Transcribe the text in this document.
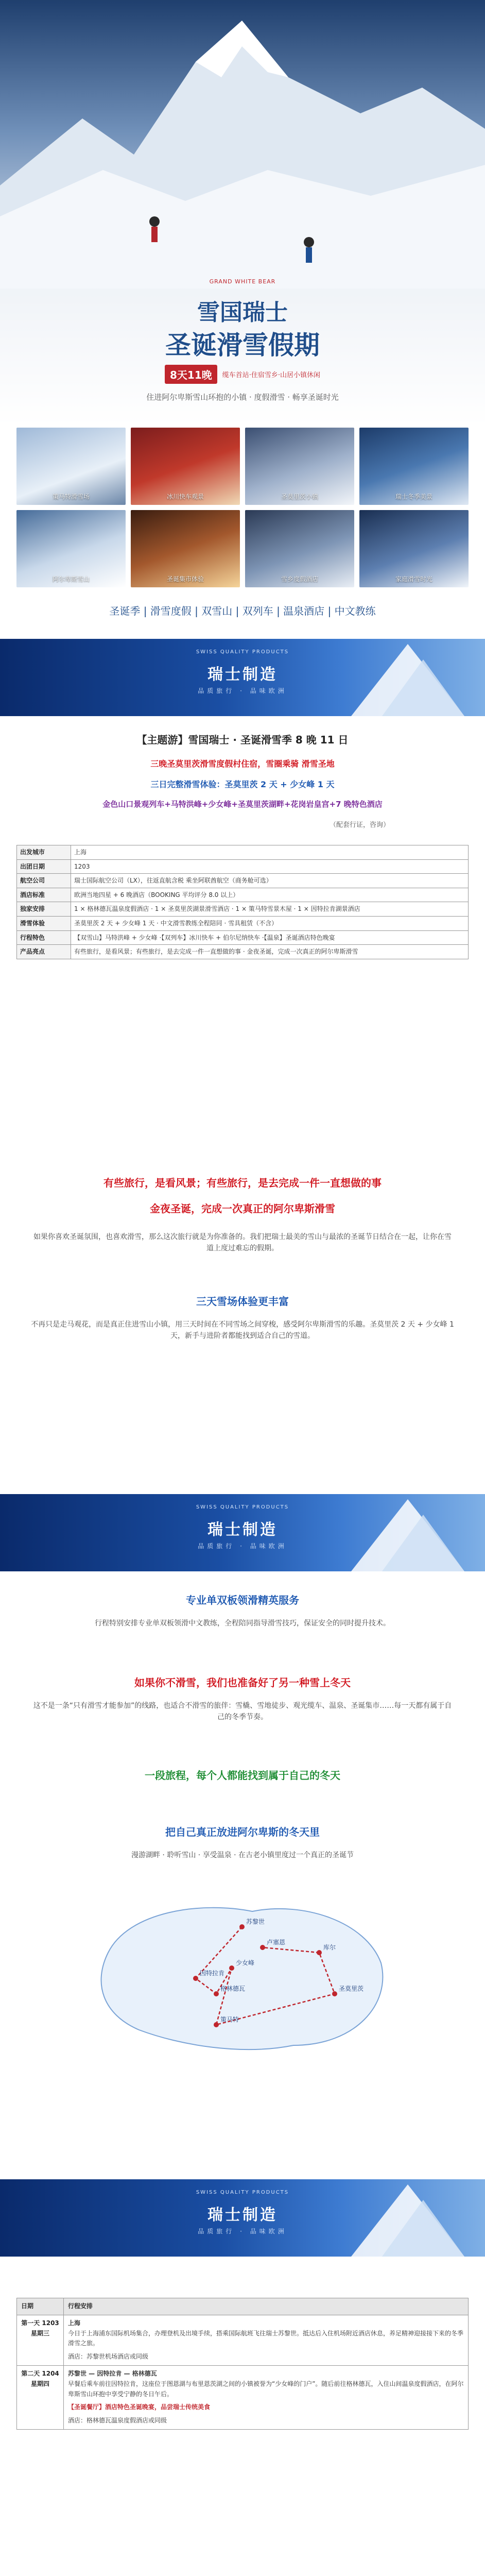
GRAND WHITE BEAR
雪国瑞士
圣诞滑雪假期
8天11晚	缆车首站·住宿雪乡·山居小镇休闲
住进阿尔卑斯雪山环抱的小镇 · 度假滑雪 · 畅享圣诞时光
策马特滑雪场	冰川快车观景	圣莫里茨小镇	瑞士冬季美景
阿尔卑斯雪山	圣诞集市体验	雪乡度假酒店	家庭滑雪时光
圣诞季 | 滑雪度假 | 双雪山 | 双列车 | 温泉酒店 | 中文教练
SWISS QUALITY PRODUCTS
瑞士制造
品质旅行 · 品味欧洲
【主题游】雪国瑞士 · 圣诞滑雪季 8 晚 11 日
三晚圣莫里茨滑雪度假村住宿，雪圈乘骑 滑雪圣地
三日完整滑雪体验：圣莫里茨 2 天 + 少女峰 1 天
金色山口景观列车+马特洪峰+少女峰+圣莫里茨湖畔+花岗岩皇宫+7 晚特色酒店
（配套行证，咨询）
出发城市	上海
出团日期	1203
航空公司	瑞士国际航空公司（LX），往返直航含税 乘坐阿联酋航空（商务舱可选）
酒店标准	欧洲当地四星 + 6 晚酒店（BOOKING 平均评分 8.0 以上）
独家安排	1 × 格林德瓦温泉度假酒店 · 1 × 圣莫里茨湖景滑雪酒店 · 1 × 策马特雪景木屋 · 1 × 因特拉肯湖景酒店
滑雪体验	圣莫里茨 2 天 + 少女峰 1 天 · 中文滑雪教练全程陪同 · 雪具租赁（不含）
行程特色	【双雪山】马特洪峰 + 少女峰 ·【双列车】冰川快车 + 伯尔尼纳快车 ·【温泉】圣诞酒店特色晚宴
产品亮点	有些旅行，是看风景；有些旅行，是去完成一件一直想做的事 · 金夜圣诞，完成一次真正的阿尔卑斯滑雪
有些旅行，是看风景；有些旅行，是去完成一件一直想做的事
金夜圣诞，完成一次真正的阿尔卑斯滑雪
如果你喜欢圣诞氛围，也喜欢滑雪，那么这次旅行就是为你准备的。我们把瑞士最美的雪山与最浓的圣诞节日结合在一起，让你在雪道上度过难忘的假期。
三天雪场体验更丰富
不再只是走马观花，而是真正住进雪山小镇，用三天时间在不同雪场之间穿梭，感受阿尔卑斯滑雪的乐趣。圣莫里茨 2 天 + 少女峰 1 天，新手与进阶者都能找到适合自己的雪道。
SWISS QUALITY PRODUCTS
瑞士制造
品质旅行 · 品味欧洲
专业单双板领滑精英服务
行程特别安排专业单双板领滑中文教练，全程陪同指导滑雪技巧，保证安全的同时提升技术。
如果你不滑雪，我们也准备好了另一种雪上冬天
这不是一条“只有滑雪才能参加”的线路，也适合不滑雪的旅伴：雪橇、雪地徒步、观光缆车、温泉、圣诞集市……每一天都有属于自己的冬季节奏。
一段旅程，每个人都能找到属于自己的冬天
把自己真正放进阿尔卑斯的冬天里
漫游湖畔 · 聆听雪山 · 享受温泉 · 在古老小镇里度过一个真正的圣诞节
苏黎世
因特拉肯
格林德瓦
少女峰
策马特
圣莫里茨
库尔
卢塞恩
SWISS QUALITY PRODUCTS
瑞士制造
品质旅行 · 品味欧洲
日期	行程安排
第一天 1203 星期三	上海
今日于上海浦东国际机场集合，办理登机及出境手续，搭乘国际航班飞往瑞士苏黎世。抵达后入住机场附近酒店休息，养足精神迎接接下来的冬季滑雪之旅。
酒店：苏黎世机场酒店或同级

第二天 1204 星期四	苏黎世 — 因特拉肯 — 格林德瓦
早餐后乘车前往因特拉肯，这座位于图恩湖与布里恩茨湖之间的小镇被誉为“少女峰的门户”。随后前往格林德瓦，入住山间温泉度假酒店，在阿尔卑斯雪山环抱中享受宁静的冬日午后。
【圣诞餐厅】酒店特色圣诞晚宴，品尝瑞士传统美食
酒店：格林德瓦温泉度假酒店或同级
